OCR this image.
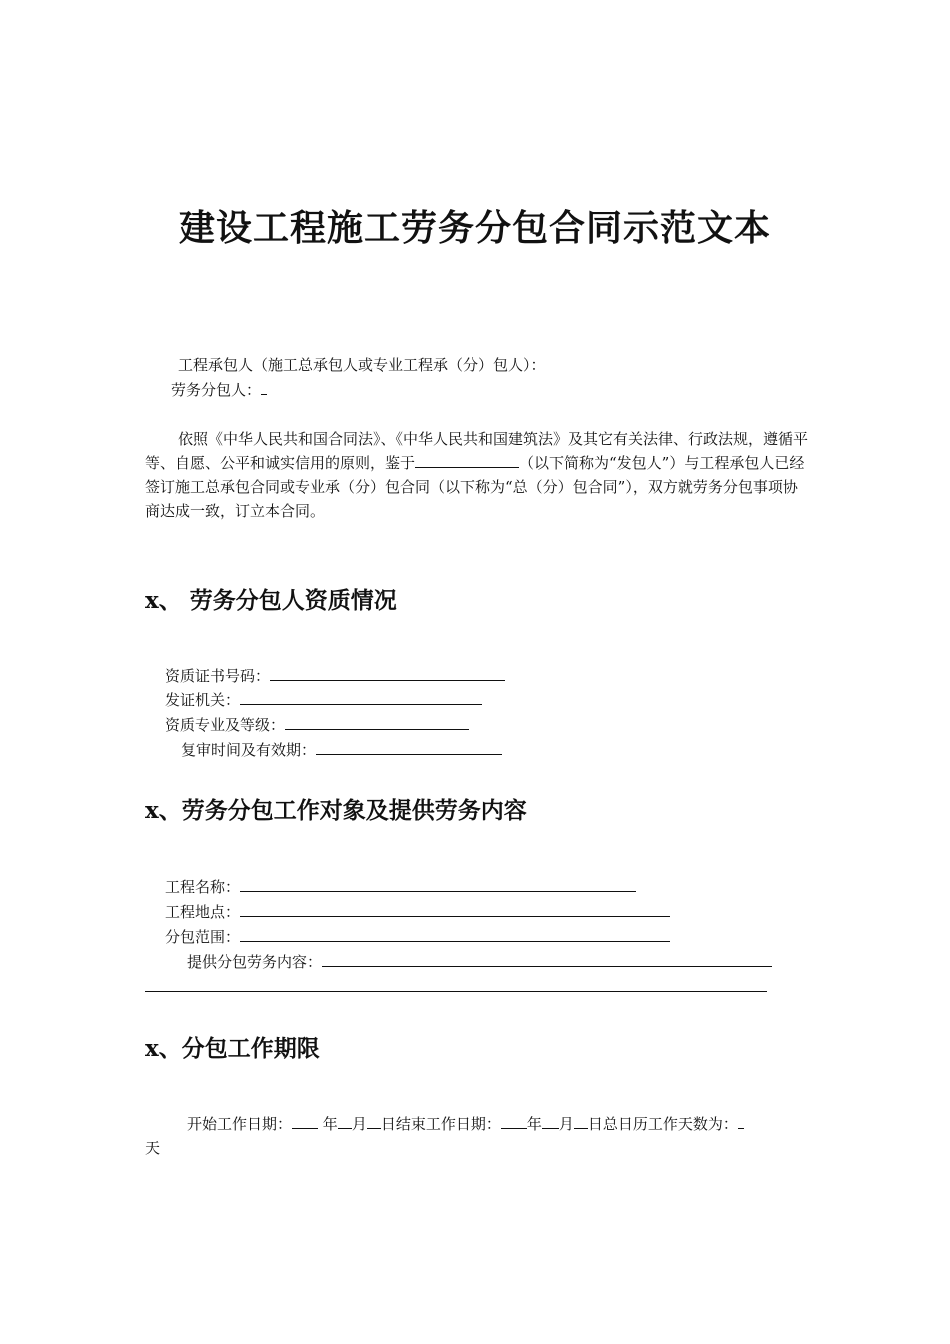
建设工程施工劳务分包合同示范文本
工程承包人（施工总承包人或专业工程承（分）包人）：
劳务分包人：
依照《中华人民共和国合同法》、《中华人民共和国建筑法》及其它有关法律、行政法规，遵循平等、自愿、公平和诚实信用的原则，鉴于	（以下简称为“发包人”）与工程承包人已经签订施工总承包合同或专业承（分）包合同（以下称为“总（分）包合同”），双方就劳务分包事项协商达成一致，订立本合同。
x、 劳务分包人资质情况
资质证书号码：
发证机关：
资质专业及等级：
复审时间及有效期：
x、劳务分包工作对象及提供劳务内容
工程名称：
工程地点：
分包范围：
提供分包劳务内容：
x、分包工作期限
开始工作日期： 年 月 日结束工作日期： 年 月 日总日历工作天数为：
天
